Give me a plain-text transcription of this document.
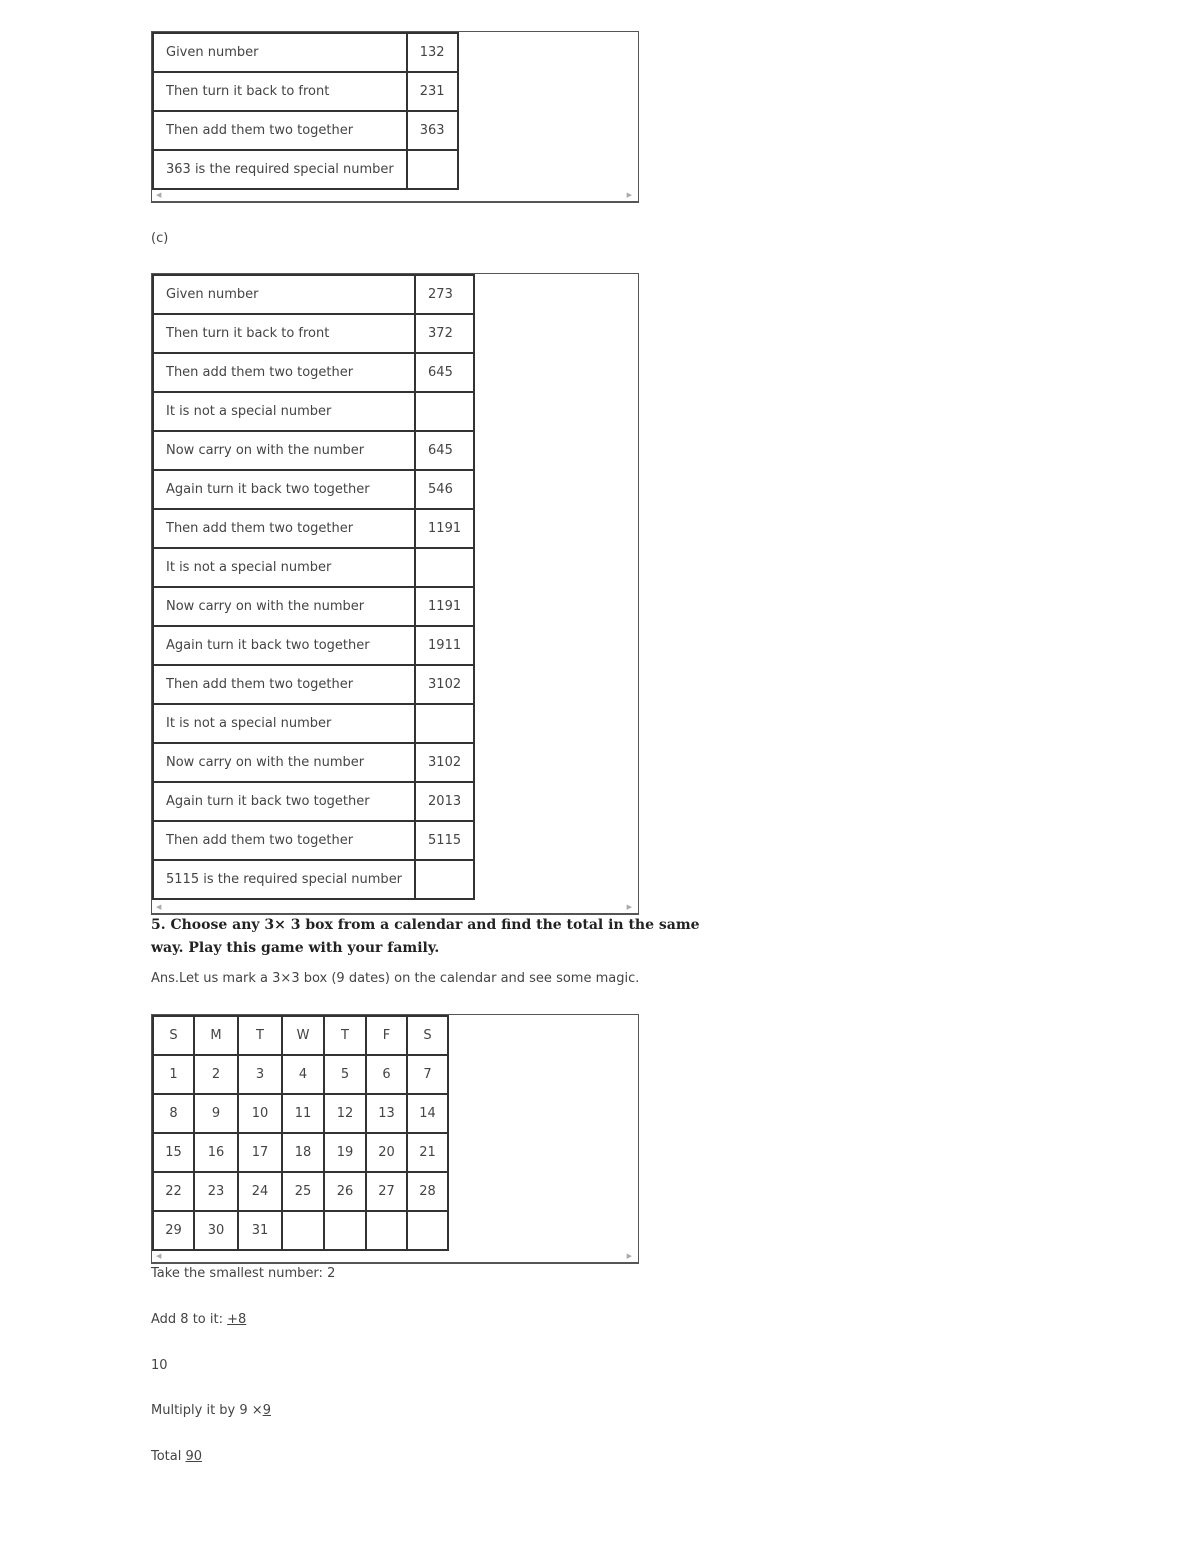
Given number	132
Then turn it back to front	231
Then add them two together	363
363 is the required special number	
◀	▶
(c)
Given number	273
Then turn it back to front	372
Then add them two together	645
It is not a special number	
Now carry on with the number	645
Again turn it back two together	546
Then add them two together	1191
It is not a special number	
Now carry on with the number	1191
Again turn it back two together	1911
Then add them two together	3102
It is not a special number	
Now carry on with the number	3102
Again turn it back two together	2013
Then add them two together	5115
5115 is the required special number	
◀	▶
5. Choose any 3× 3 box from a calendar and find the total in the same
way. Play this game with your family.
Ans.Let us mark a 3×3 box (9 dates) on the calendar and see some magic.
S	M	T	W	T	F	S
1	2	3	4	5	6	7
8	9	10	11	12	13	14
15	16	17	18	19	20	21
22	23	24	25	26	27	28
29	30	31				
◀	▶
Take the smallest number: 2
Add 8 to it: +8
10
Multiply it by 9 ×9
Total 90
